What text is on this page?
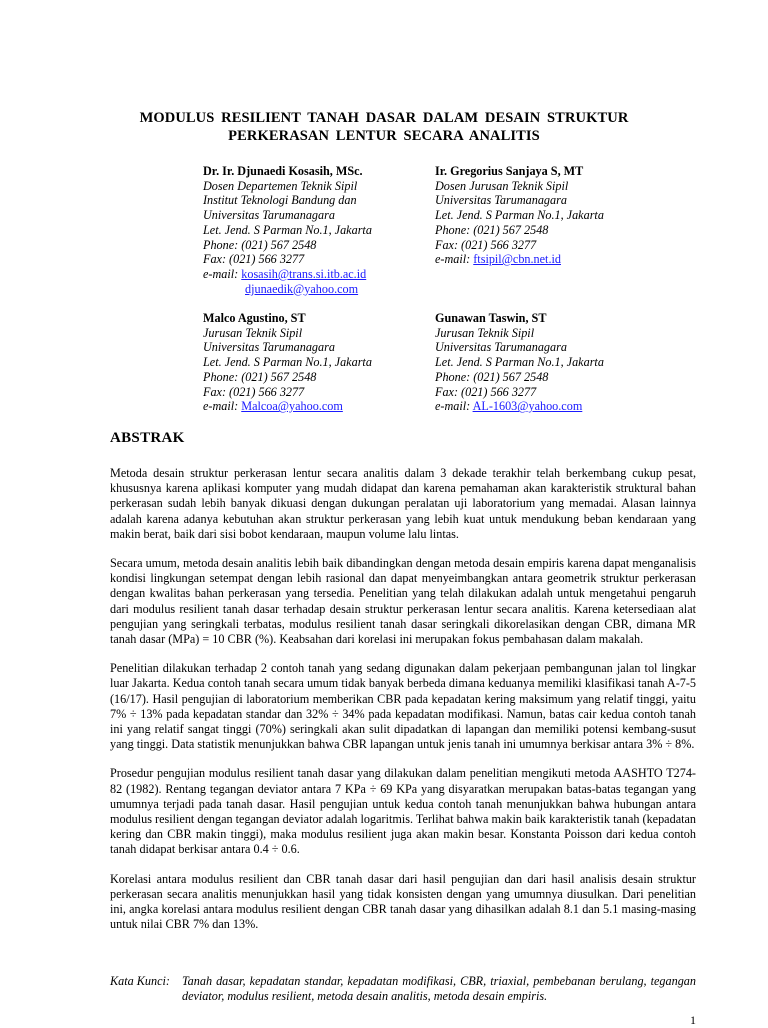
MODULUS RESILIENT TANAH DASAR DALAM DESAIN STRUKTUR PERKERASAN LENTUR SECARA ANALITIS
Dr. Ir. Djunaedi Kosasih, MSc.
Dosen Departemen Teknik Sipil
Institut Teknologi Bandung dan
Universitas Tarumanagara
Let. Jend. S Parman No.1, Jakarta
Phone: (021) 567 2548
Fax: (021) 566 3277
e-mail: kosasih@trans.si.itb.ac.id
djunaedik@yahoo.com
Ir. Gregorius Sanjaya S, MT
Dosen Jurusan Teknik Sipil
Universitas Tarumanagara
Let. Jend. S Parman No.1, Jakarta
Phone: (021) 567 2548
Fax: (021) 566 3277
e-mail: ftsipil@cbn.net.id
Malco Agustino, ST
Jurusan Teknik Sipil
Universitas Tarumanagara
Let. Jend. S Parman No.1, Jakarta
Phone: (021) 567 2548
Fax: (021) 566 3277
e-mail: Malcoa@yahoo.com
Gunawan Taswin, ST
Jurusan Teknik Sipil
Universitas Tarumanagara
Let. Jend. S Parman No.1, Jakarta
Phone: (021) 567 2548
Fax: (021) 566 3277
e-mail: AL-1603@yahoo.com
ABSTRAK

Metoda desain struktur perkerasan lentur secara analitis dalam 3 dekade terakhir telah berkembang cukup pesat, khususnya karena aplikasi komputer yang mudah didapat dan karena pemahaman akan karakteristik struktural bahan perkerasan sudah lebih banyak dikuasi dengan dukungan peralatan uji laboratorium yang memadai. Alasan lainnya adalah karena adanya kebutuhan akan struktur perkerasan yang lebih kuat untuk mendukung beban kendaraan yang makin berat, baik dari sisi bobot kendaraan, maupun volume lalu lintas.

Secara umum, metoda desain analitis lebih baik dibandingkan dengan metoda desain empiris karena dapat menganalisis kondisi lingkungan setempat dengan lebih rasional dan dapat menyeimbangkan antara geometrik struktur perkerasan dengan kwalitas bahan perkerasan yang tersedia. Penelitian yang telah dilakukan adalah untuk mengetahui pengaruh dari modulus resilient tanah dasar terhadap desain struktur perkerasan lentur secara analitis. Karena ketersediaan alat pengujian yang seringkali terbatas, modulus resilient tanah dasar seringkali dikorelasikan dengan CBR, dimana MR tanah dasar (MPa) = 10 CBR (%). Keabsahan dari korelasi ini merupakan fokus pembahasan dalam makalah.

Penelitian dilakukan terhadap 2 contoh tanah yang sedang digunakan dalam pekerjaan pembangunan jalan tol lingkar luar Jakarta. Kedua contoh tanah secara umum tidak banyak berbeda dimana keduanya memiliki klasifikasi tanah A-7-5 (16/17). Hasil pengujian di laboratorium memberikan CBR pada kepadatan kering maksimum yang relatif tinggi, yaitu 7% ÷ 13% pada kepadatan standar dan 32% ÷ 34% pada kepadatan modifikasi. Namun, batas cair kedua contoh tanah ini yang relatif sangat tinggi (70%) seringkali akan sulit dipadatkan di lapangan dan memiliki potensi kembang-susut yang tinggi. Data statistik menunjukkan bahwa CBR lapangan untuk jenis tanah ini umumnya berkisar antara 3% ÷ 8%.

Prosedur pengujian modulus resilient tanah dasar yang dilakukan dalam penelitian mengikuti metoda AASHTO T274-82 (1982). Rentang tegangan deviator antara 7 KPa ÷ 69 KPa yang disyaratkan merupakan batas-batas tegangan yang umumnya terjadi pada tanah dasar. Hasil pengujian untuk kedua contoh tanah menunjukkan bahwa hubungan antara modulus resilient dengan tegangan deviator adalah logaritmis. Terlihat bahwa makin baik karakteristik tanah (kepadatan kering dan CBR makin tinggi), maka modulus resilient juga akan makin besar. Konstanta Poisson dari kedua contoh tanah didapat berkisar antara 0.4 ÷ 0.6.

Korelasi antara modulus resilient dan CBR tanah dasar dari hasil pengujian dan dari hasil analisis desain struktur perkerasan secara analitis menunjukkan hasil yang tidak konsisten dengan yang umumnya diusulkan. Dari penelitian ini, angka korelasi antara modulus resilient dengan CBR tanah dasar yang dihasilkan adalah 8.1 dan 5.1 masing-masing untuk nilai CBR 7% dan 13%.

Kata Kunci: Tanah dasar, kepadatan standar, kepadatan modifikasi, CBR, triaxial, pembebanan berulang, tegangan deviator, modulus resilient, metoda desain analitis, metoda desain empiris.
1
